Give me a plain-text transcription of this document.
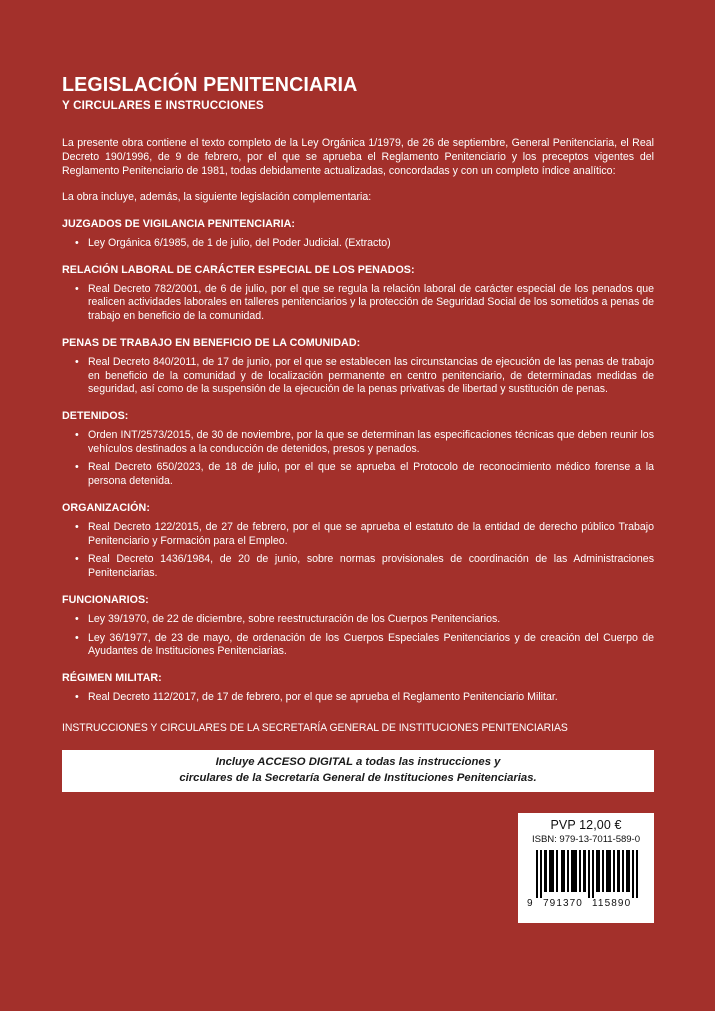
LEGISLACIÓN PENITENCIARIA
Y CIRCULARES E INSTRUCCIONES

La presente obra contiene el texto completo de la Ley Orgánica 1/1979, de 26 de septiembre, General Penitenciaria, el Real Decreto 190/1996, de 9 de febrero, por el que se aprueba el Reglamento Penitenciario y los preceptos vigentes del Reglamento Penitenciario de 1981, todas debidamente actualizadas, concordadas y con un completo índice analítico:

La obra incluye, además, la siguiente legislación complementaria:

JUZGADOS DE VIGILANCIA PENITENCIARIA:

• Ley Orgánica 6/1985, de 1 de julio, del Poder Judicial. (Extracto)

RELACIÓN LABORAL DE CARÁCTER ESPECIAL DE LOS PENADOS:

• Real Decreto 782/2001, de 6 de julio, por el que se regula la relación laboral de carácter especial de los penados que realicen actividades laborales en talleres penitenciarios y la protección de Seguridad Social de los sometidos a penas de trabajo en beneficio de la comunidad.

PENAS DE TRABAJO EN BENEFICIO DE LA COMUNIDAD:

• Real Decreto 840/2011, de 17 de junio, por el que se establecen las circunstancias de ejecución de las penas de trabajo en beneficio de la comunidad y de localización permanente en centro penitenciario, de determinadas medidas de seguridad, así como de la suspensión de la ejecución de la penas privativas de libertad y sustitución de penas.

DETENIDOS:

• Orden INT/2573/2015, de 30 de noviembre, por la que se determinan las especificaciones técnicas que deben reunir los vehículos destinados a la conducción de detenidos, presos y penados.
• Real Decreto 650/2023, de 18 de julio, por el que se aprueba el Protocolo de reconocimiento médico forense a la persona detenida.

ORGANIZACIÓN:

• Real Decreto 122/2015, de 27 de febrero, por el que se aprueba el estatuto de la entidad de derecho público Trabajo Penitenciario y Formación para el Empleo.
• Real Decreto 1436/1984, de 20 de junio, sobre normas provisionales de coordinación de las Administraciones Penitenciarias.

FUNCIONARIOS:

• Ley 39/1970, de 22 de diciembre, sobre reestructuración de los Cuerpos Penitenciarios.
• Ley 36/1977, de 23 de mayo, de ordenación de los Cuerpos Especiales Penitenciarios y de creación del Cuerpo de Ayudantes de Instituciones Penitenciarias.

RÉGIMEN MILITAR:

• Real Decreto 112/2017, de 17 de febrero, por el que se aprueba el Reglamento Penitenciario Militar.
INSTRUCCIONES Y CIRCULARES DE LA SECRETARÍA GENERAL DE INSTITUCIONES PENITENCIARIAS
Incluye ACCESO DIGITAL a todas las instrucciones y
circulares de la Secretaría General de Instituciones Penitenciarias.
PVP 12,00 €
ISBN: 979-13-7011-589-0
9 791370 115890
